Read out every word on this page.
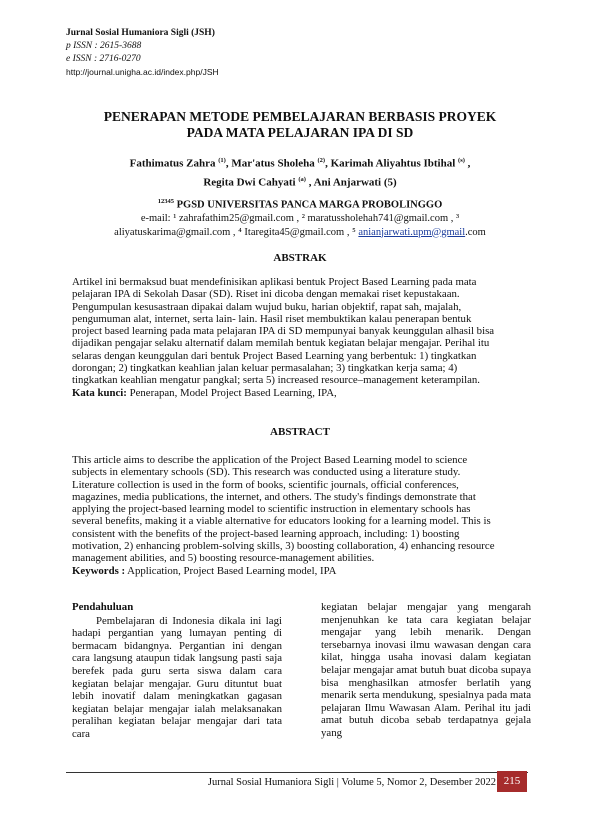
Jurnal Sosial Humaniora Sigli (JSH)
p ISSN : 2615-3688
e ISSN : 2716-0270
http://journal.unigha.ac.id/index.php/JSH
PENERAPAN METODE PEMBELAJARAN BERBASIS PROYEK
PADA MATA PELAJARAN IPA DI SD
Fathimatus Zahra $^{(1)}$, Mar'atus Sholeha $^{(2)}$, Karimah Aliyahtus Ibtihal $^{(s)}$ ,
Regita Dwi Cahyati $^{(a)}$ , Ani Anjarwati (5)
$^{12345}$ PGSD UNIVERSITAS PANCA MARGA PROBOLINGGO
e-mail: ¹ zahrafathim25@gmail.com , ² maratussholehah741@gmail.com , ³
aliyatuskarima@gmail.com , ⁴ Itaregita45@gmail.com , ⁵ anianjarwati.upm@gmail.com
ABSTRAK
Artikel ini bermaksud buat mendefinisikan aplikasi bentuk Project Based Learning pada mata
pelajaran IPA di Sekolah Dasar (SD). Riset ini dicoba dengan memakai riset kepustakaan.
Pengumpulan kesusastraan dipakai dalam wujud buku, harian objektif, rapat sah, majalah,
pengumuman alat, internet, serta lain- lain. Hasil riset membuktikan kalau penerapan bentuk
project based learning pada mata pelajaran IPA di SD mempunyai banyak keunggulan alhasil bisa
dijadikan pengajar selaku alternatif dalam memilah bentuk kegiatan belajar mengajar. Perihal itu
selaras dengan keunggulan dari bentuk Project Based Learning yang berbentuk: 1) tingkatkan
dorongan; 2) tingkatkan keahlian jalan keluar permasalahan; 3) tingkatkan kerja sama; 4)
tingkatkan keahlian mengatur pangkal; serta 5) increased resource–management keterampilan.
Kata kunci: Penerapan, Model Project Based Learning, IPA,
ABSTRACT
This article aims to describe the application of the Project Based Learning model to science
subjects in elementary schools (SD). This research was conducted using a literature study.
Literature collection is used in the form of books, scientific journals, official conferences,
magazines, media publications, the internet, and others. The study's findings demonstrate that
applying the project-based learning model to scientific instruction in elementary schools has
several benefits, making it a viable alternative for educators looking for a learning model. This is
consistent with the benefits of the project-based learning approach, including: 1) boosting
motivation, 2) enhancing problem-solving skills, 3) boosting collaboration, 4) enhancing resource
management abilities, and 5) boosting resource-management abilities.
Keywords : Application, Project Based Learning model, IPA
Pendahuluan

Pembelajaran di Indonesia dikala ini lagi hadapi pergantian yang lumayan penting di bermacam bidangnya. Pergantian ini dengan cara langsung ataupun tidak langsung pasti saja berefek pada guru serta siswa dalam cara kegiatan belajar mengajar. Guru dituntut buat lebih inovatif dalam meningkatkan gagasan kegiatan belajar mengajar ialah melaksanakan peralihan kegiatan belajar mengajar dari tata cara

kegiatan belajar mengajar yang mengarah menjenuhkan ke tata cara kegiatan belajar mengajar yang lebih menarik. Dengan tersebarnya inovasi ilmu wawasan dengan cara kilat, hingga usaha inovasi dalam kegiatan belajar mengajar amat butuh buat dicoba supaya bisa menghasilkan atmosfer berlatih yang menarik serta mendukung, spesialnya pada mata pelajaran Ilmu Wawasan Alam. Perihal itu jadi amat butuh dicoba sebab terdapatnya gejala yang

Jurnal Sosial Humaniora Sigli | Volume 5, Nomor 2, Desember 2022 215
